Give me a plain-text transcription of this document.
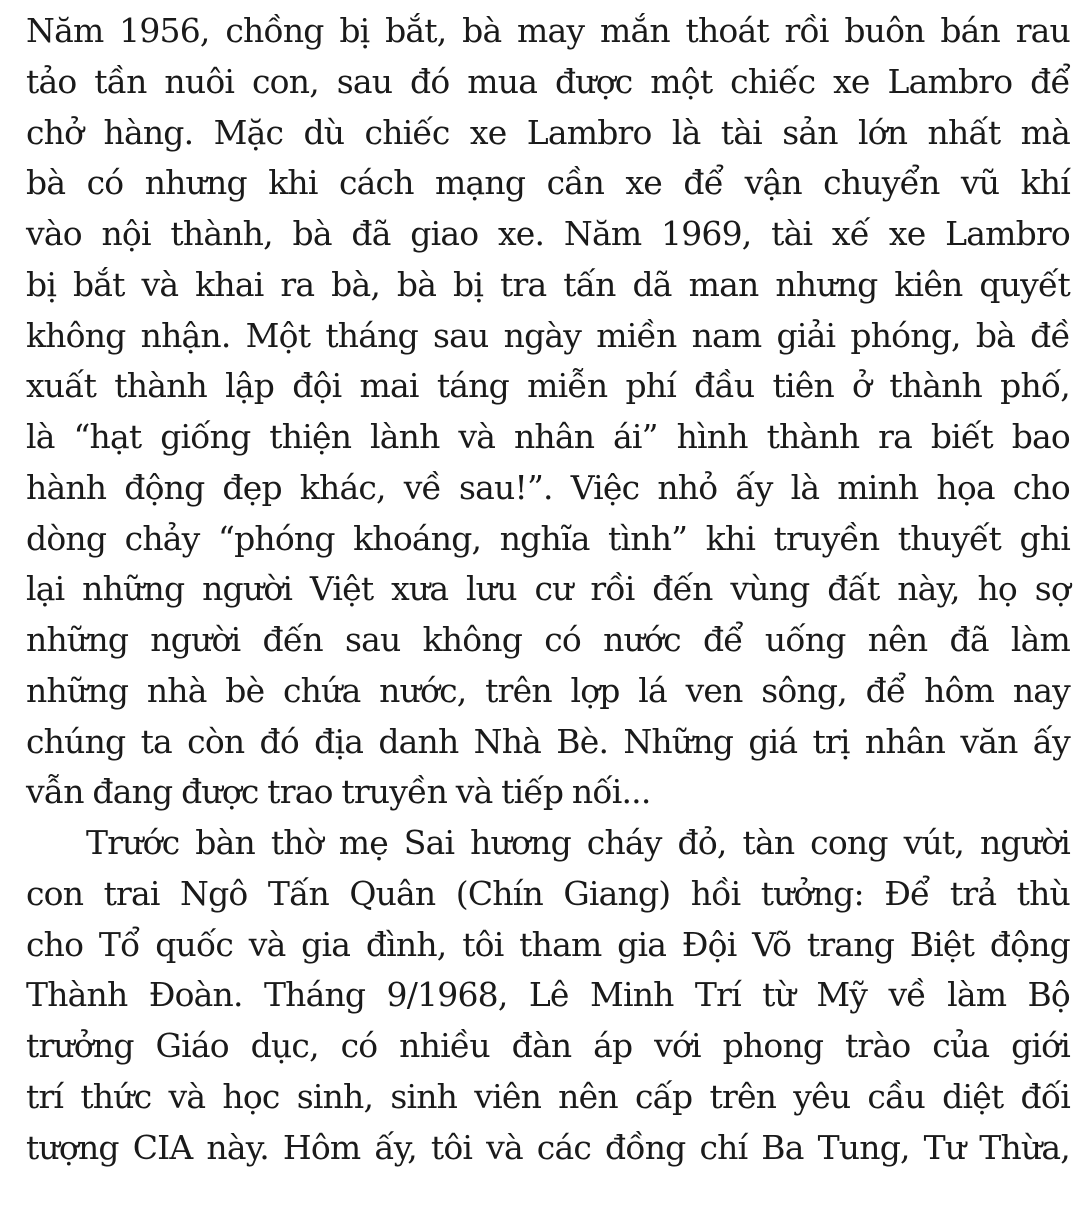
Năm 1956, chồng bị bắt, bà may mắn thoát rồi buôn bán rau
tảo tần nuôi con, sau đó mua được một chiếc xe Lambro để
chở hàng. Mặc dù chiếc xe Lambro là tài sản lớn nhất mà
bà có nhưng khi cách mạng cần xe để vận chuyển vũ khí
vào nội thành, bà đã giao xe. Năm 1969, tài xế xe Lambro
bị bắt và khai ra bà, bà bị tra tấn dã man nhưng kiên quyết
không nhận. Một tháng sau ngày miền nam giải phóng, bà đề
xuất thành lập đội mai táng miễn phí đầu tiên ở thành phố,
là “hạt giống thiện lành và nhân ái” hình thành ra biết bao
hành động đẹp khác, về sau!”. Việc nhỏ ấy là minh họa cho
dòng chảy “phóng khoáng, nghĩa tình” khi truyền thuyết ghi
lại những người Việt xưa lưu cư rồi đến vùng đất này, họ sợ
những người đến sau không có nước để uống nên đã làm
những nhà bè chứa nước, trên lợp lá ven sông, để hôm nay
chúng ta còn đó địa danh Nhà Bè. Những giá trị nhân văn ấy
vẫn đang được trao truyền và tiếp nối...
Trước bàn thờ mẹ Sai hương cháy đỏ, tàn cong vút, người
con trai Ngô Tấn Quân (Chín Giang) hồi tưởng: Để trả thù
cho Tổ quốc và gia đình, tôi tham gia Đội Võ trang Biệt động
Thành Đoàn. Tháng 9/1968, Lê Minh Trí từ Mỹ về làm Bộ
trưởng Giáo dục, có nhiều đàn áp với phong trào của giới
trí thức và học sinh, sinh viên nên cấp trên yêu cầu diệt đối
tượng CIA này. Hôm ấy, tôi và các đồng chí Ba Tung, Tư Thừa,
